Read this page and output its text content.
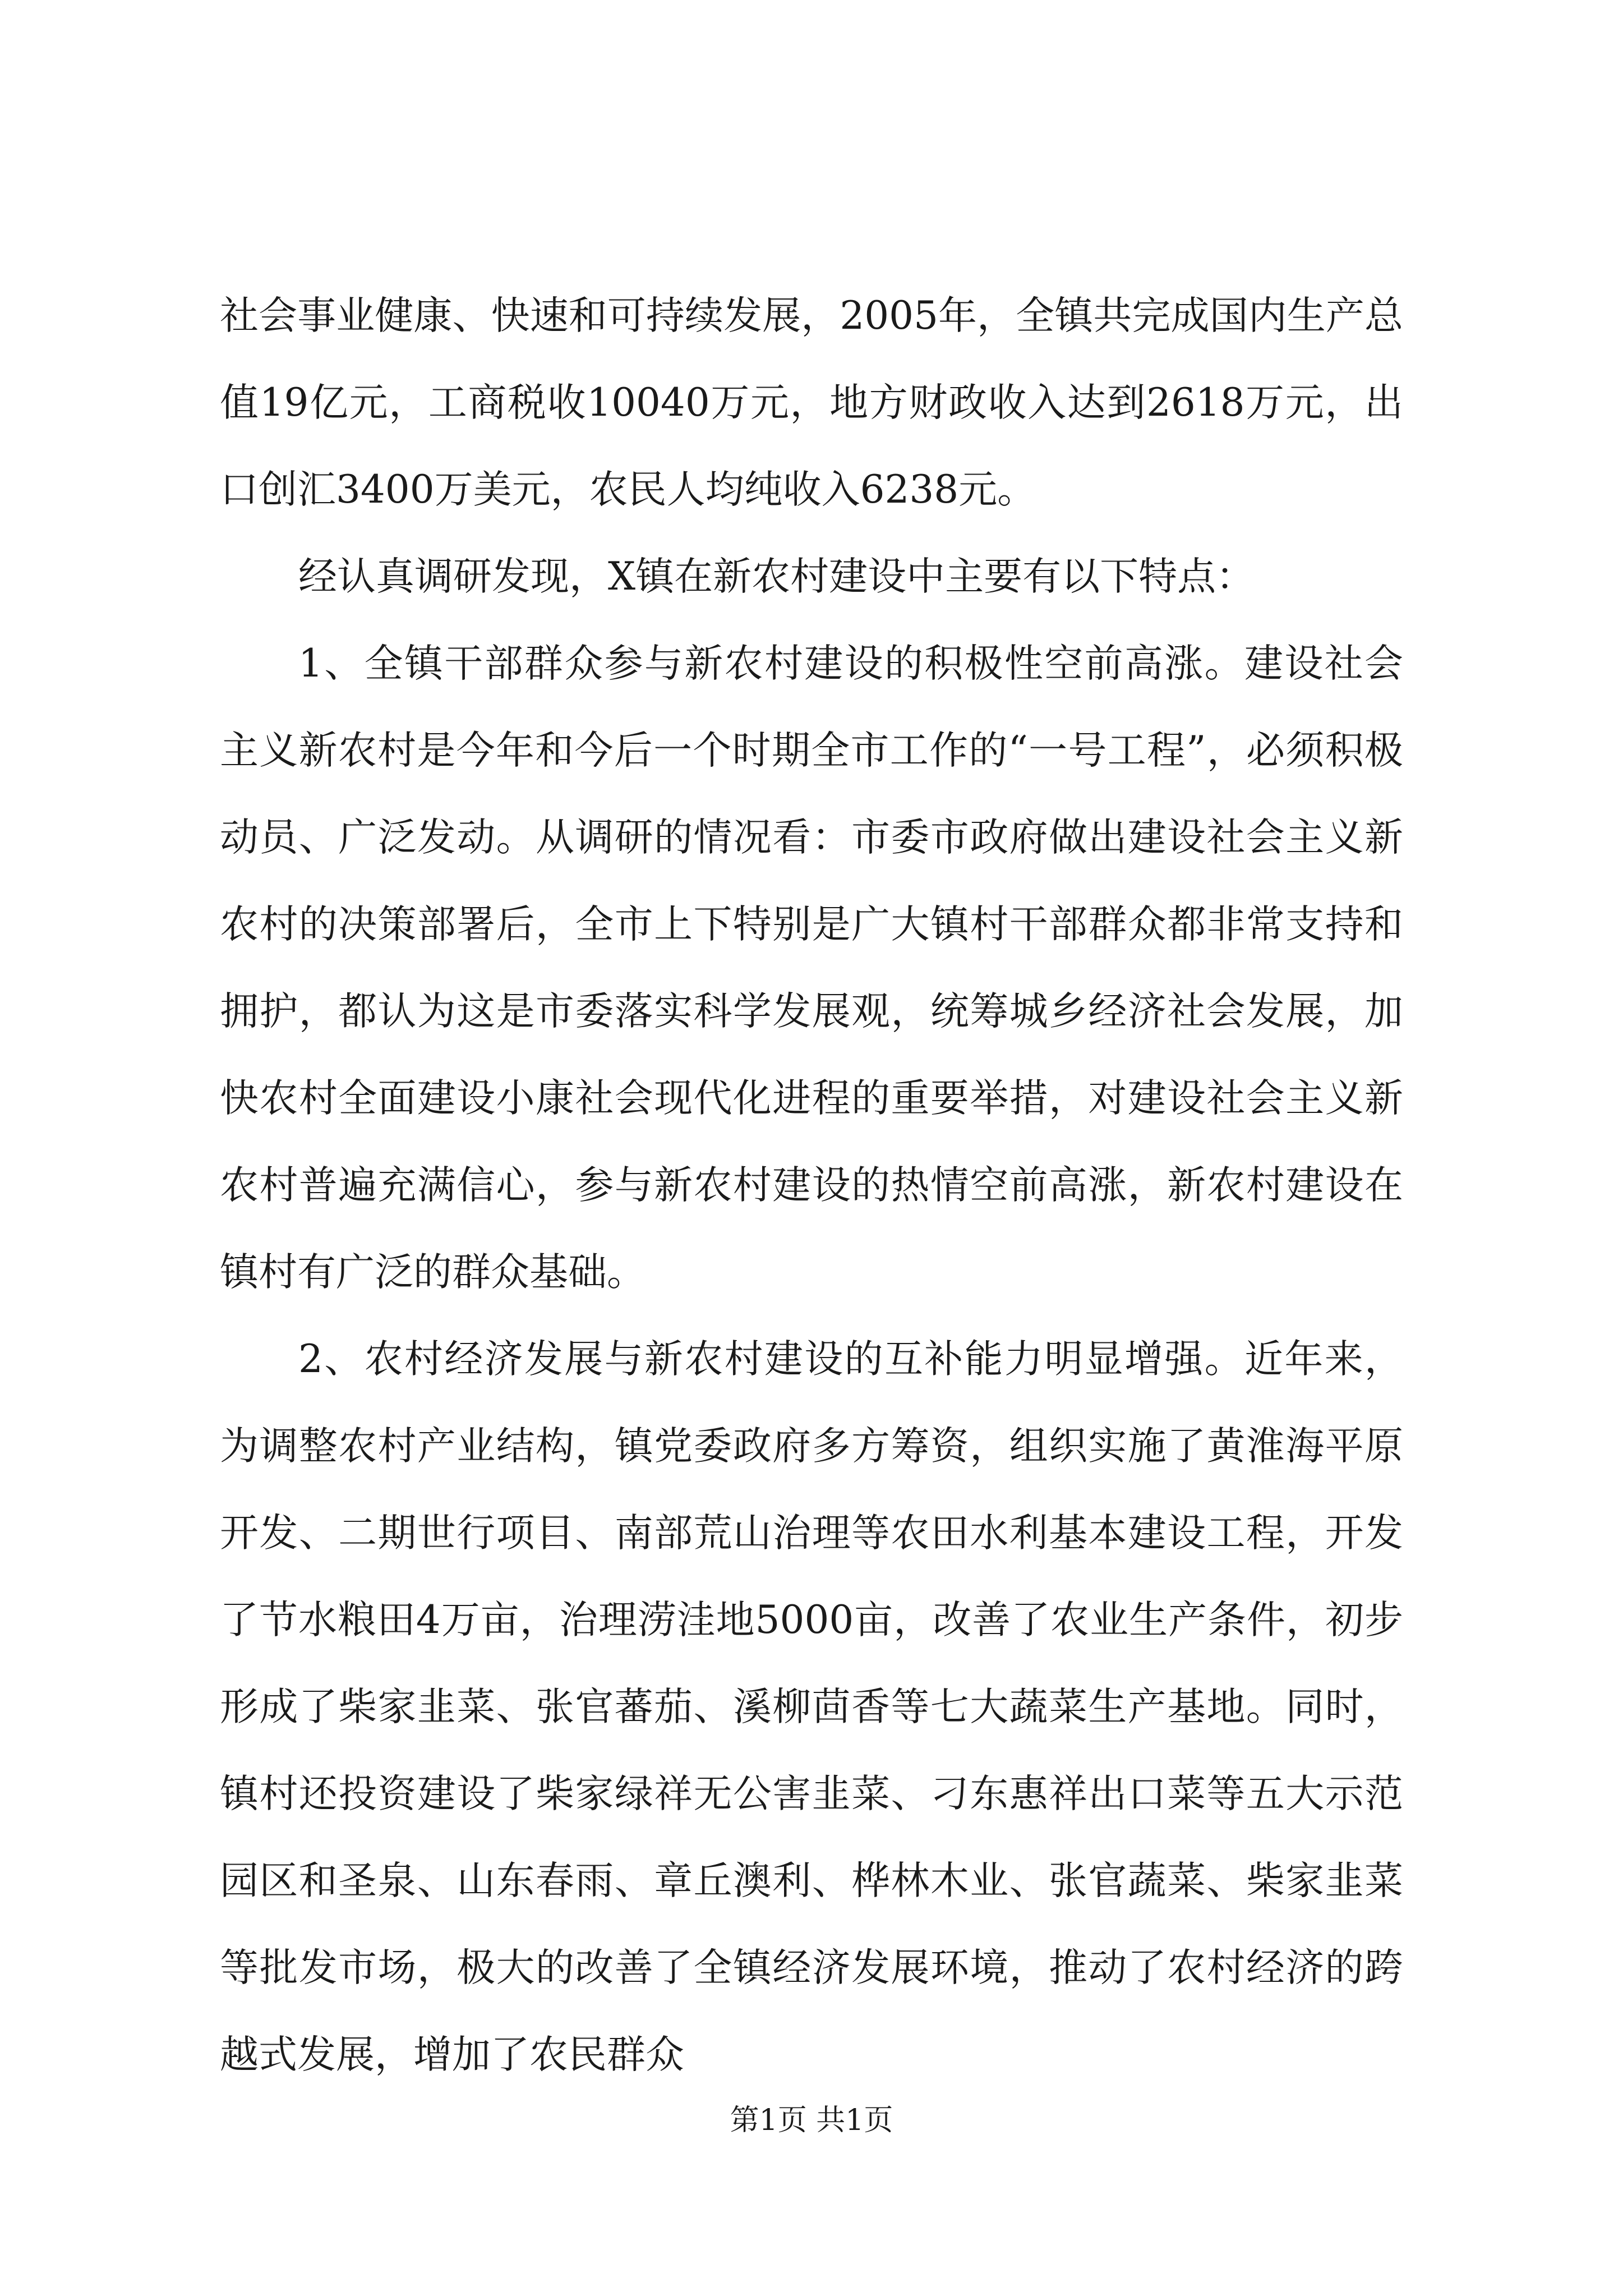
社会事业健康、快速和可持续发展，2005年，全镇共完成国内生产总值19亿元，工商税收10040万元，地方财政收入达到2618万元，出口创汇3400万美元，农民人均纯收入6238元。

经认真调研发现，X镇在新农村建设中主要有以下特点：

1、全镇干部群众参与新农村建设的积极性空前高涨。建设社会主义新农村是今年和今后一个时期全市工作的“一号工程”，必须积极动员、广泛发动。从调研的情况看：市委市政府做出建设社会主义新农村的决策部署后，全市上下特别是广大镇村干部群众都非常支持和拥护，都认为这是市委落实科学发展观，统筹城乡经济社会发展，加快农村全面建设小康社会现代化进程的重要举措，对建设社会主义新农村普遍充满信心，参与新农村建设的热情空前高涨，新农村建设在镇村有广泛的群众基础。

2、农村经济发展与新农村建设的互补能力明显增强。近年来，为调整农村产业结构，镇党委政府多方筹资，组织实施了黄淮海平原开发、二期世行项目、南部荒山治理等农田水利基本建设工程，开发了节水粮田4万亩，治理涝洼地5000亩，改善了农业生产条件，初步形成了柴家韭菜、张官蕃茄、溪柳茴香等七大蔬菜生产基地。同时，镇村还投资建设了柴家绿祥无公害韭菜、刁东惠祥出口菜等五大示范园区和圣泉、山东春雨、章丘澳利、桦林木业、张官蔬菜、柴家韭菜等批发市场，极大的改善了全镇经济发展环境，推动了农村经济的跨越式发展，增加了农民群众

第1页 共1页
